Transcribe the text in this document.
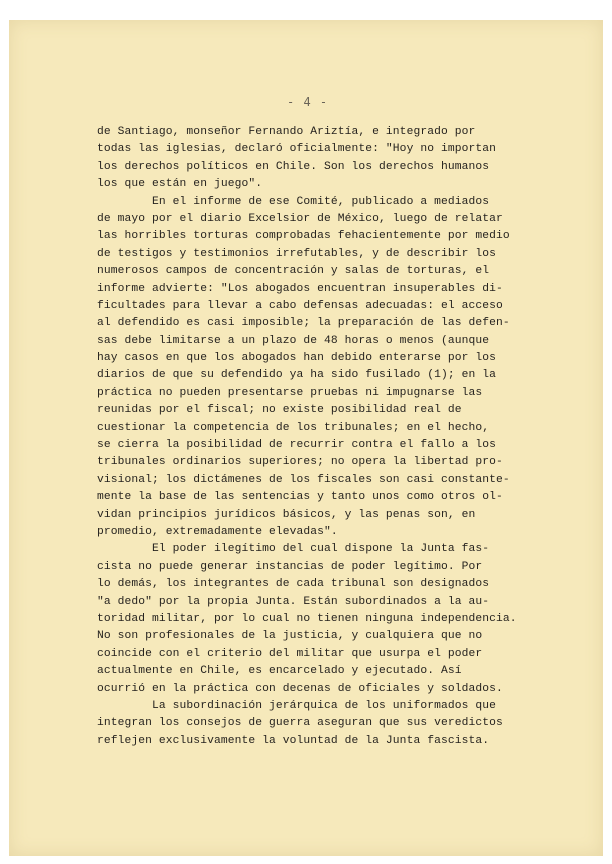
- 4 -
de Santiago, monseñor Fernando Ariztía, e integrado por
todas las iglesias, declaró oficialmente: "Hoy no importan
los derechos políticos en Chile. Son los derechos humanos
los que están en juego".
En el informe de ese Comité, publicado a mediados
de mayo por el diario Excelsior de México, luego de relatar
las horribles torturas comprobadas fehacientemente por medio
de testigos y testimonios irrefutables, y de describir los
numerosos campos de concentración y salas de torturas, el
informe advierte: "Los abogados encuentran insuperables di-
ficultades para llevar a cabo defensas adecuadas: el acceso
al defendido es casi imposible; la preparación de las defen-
sas debe limitarse a un plazo de 48 horas o menos (aunque
hay casos en que los abogados han debido enterarse por los
diarios de que su defendido ya ha sido fusilado (1); en la
práctica no pueden presentarse pruebas ni impugnarse las
reunidas por el fiscal; no existe posibilidad real de
cuestionar la competencia de los tribunales; en el hecho,
se cierra la posibilidad de recurrir contra el fallo a los
tribunales ordinarios superiores; no opera la libertad pro-
visional; los dictámenes de los fiscales son casi constante-
mente la base de las sentencias y tanto unos como otros ol-
vidan principios jurídicos básicos, y las penas son, en
promedio, extremadamente elevadas".
El poder ilegítimo del cual dispone la Junta fas-
cista no puede generar instancias de poder legítimo. Por
lo demás, los integrantes de cada tribunal son designados
"a dedo" por la propia Junta. Están subordinados a la au-
toridad militar, por lo cual no tienen ninguna independencia.
No son profesionales de la justicia, y cualquiera que no
coincide con el criterio del militar que usurpa el poder
actualmente en Chile, es encarcelado y ejecutado. Así
ocurrió en la práctica con decenas de oficiales y soldados.
La subordinación jerárquica de los uniformados que
integran los consejos de guerra aseguran que sus veredictos
reflejen exclusivamente la voluntad de la Junta fascista.
